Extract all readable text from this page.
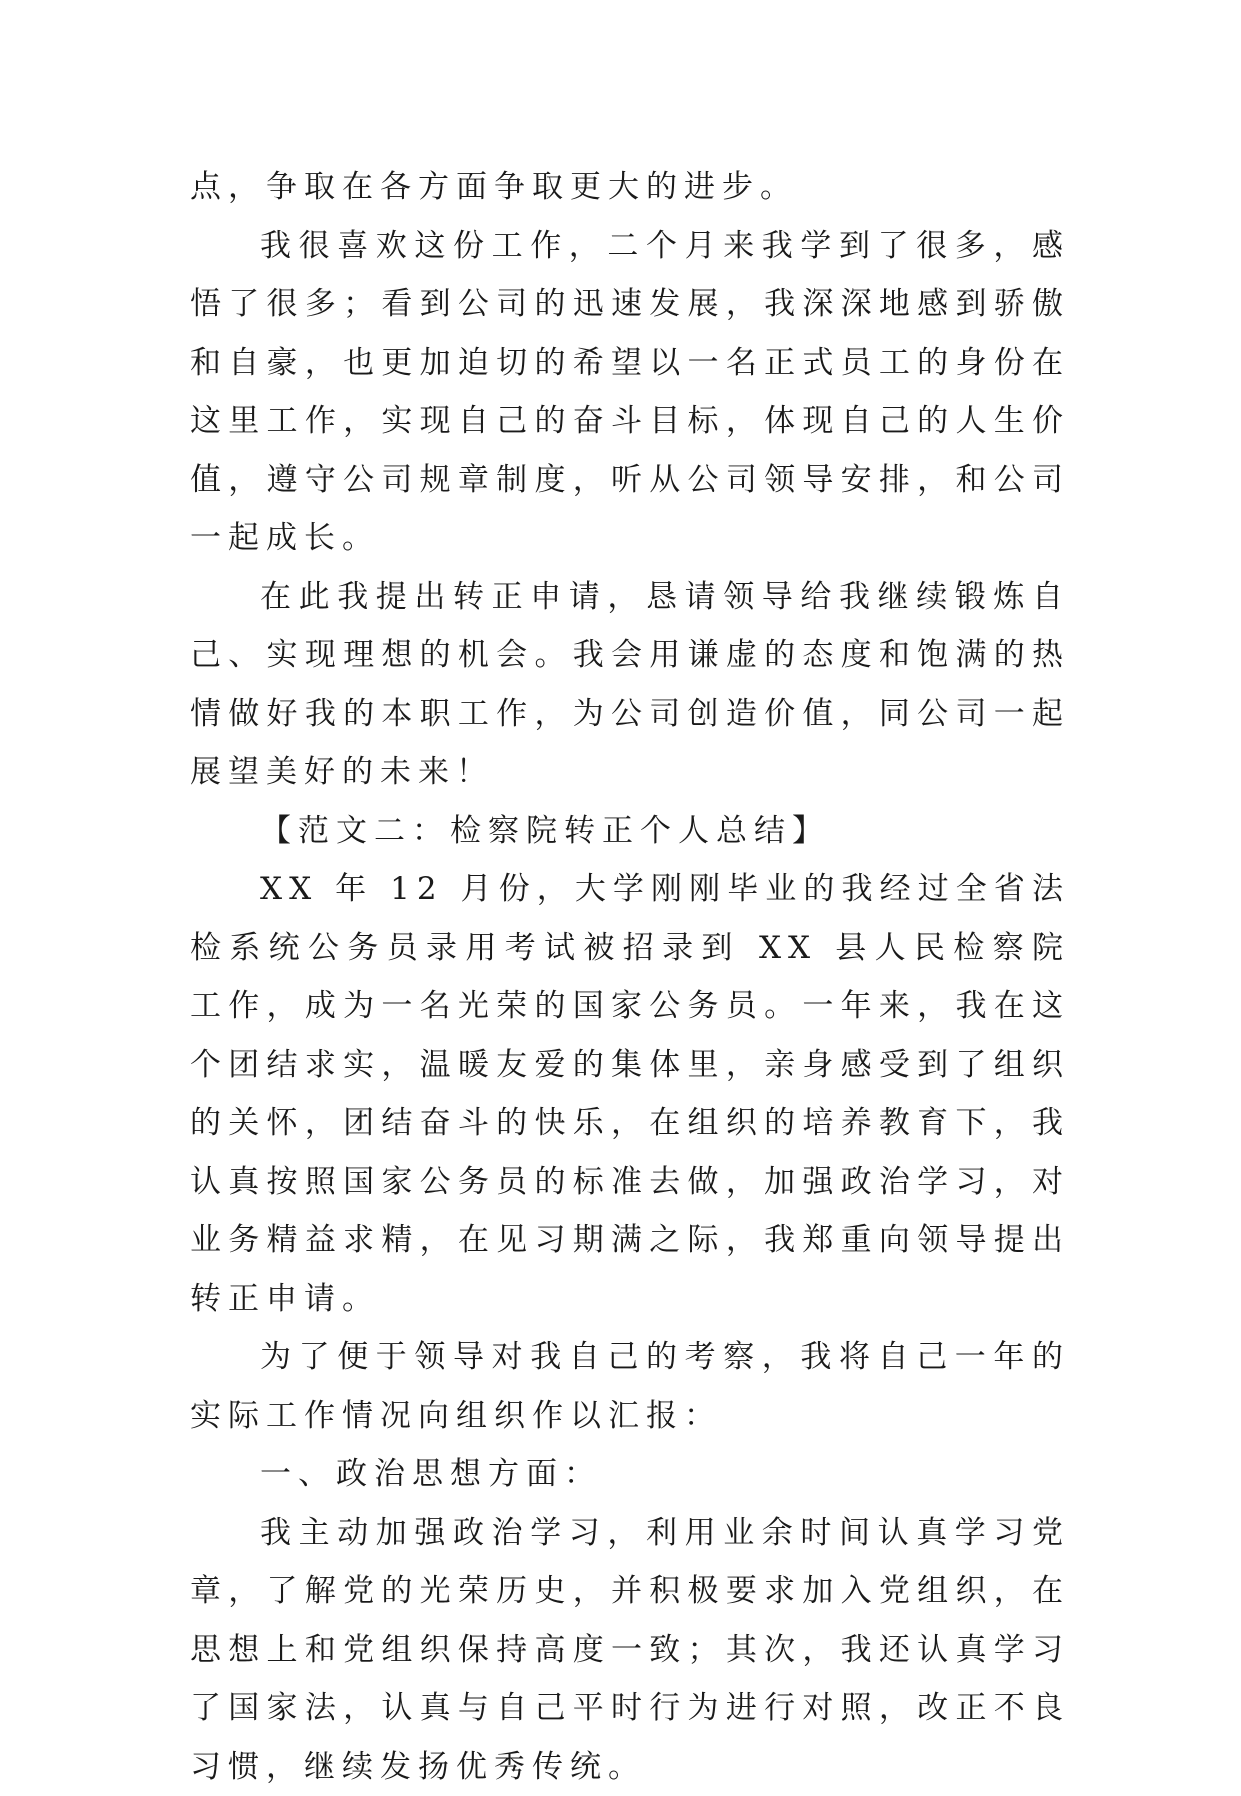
点，争取在各方面争取更大的进步。

我很喜欢这份工作，二个月来我学到了很多，感悟了很多；看到公司的迅速发展，我深深地感到骄傲和自豪，也更加迫切的希望以一名正式员工的身份在这里工作，实现自己的奋斗目标，体现自己的人生价值，遵守公司规章制度，听从公司领导安排，和公司一起成长。

在此我提出转正申请，恳请领导给我继续锻炼自己、实现理想的机会。我会用谦虚的态度和饱满的热情做好我的本职工作，为公司创造价值，同公司一起展望美好的未来！

【范文二：检察院转正个人总结】

XX 年 12 月份，大学刚刚毕业的我经过全省法检系统公务员录用考试被招录到 XX 县人民检察院工作，成为一名光荣的国家公务员。一年来，我在这个团结求实，温暖友爱的集体里，亲身感受到了组织的关怀，团结奋斗的快乐，在组织的培养教育下，我认真按照国家公务员的标准去做，加强政治学习，对业务精益求精，在见习期满之际，我郑重向领导提出转正申请。

为了便于领导对我自己的考察，我将自己一年的实际工作情况向组织作以汇报：

一、政治思想方面：

我主动加强政治学习，利用业余时间认真学习党章，了解党的光荣历史，并积极要求加入党组织，在思想上和党组织保持高度一致；其次，我还认真学习了国家法，认真与自己平时行为进行对照，改正不良习惯，继续发扬优秀传统。
